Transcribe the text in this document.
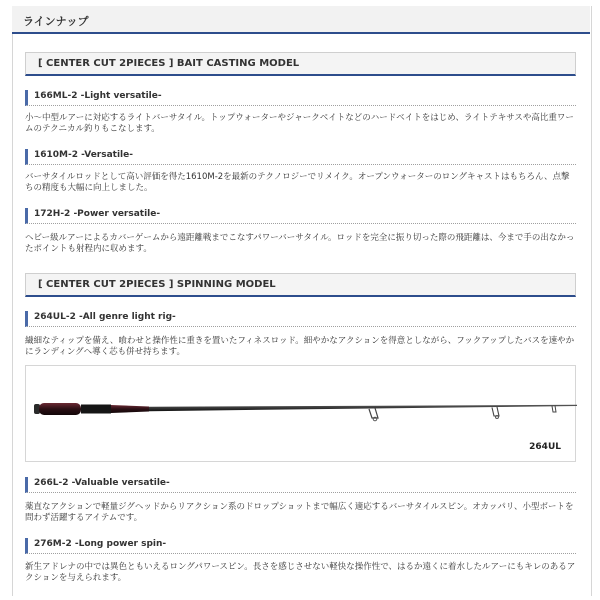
ラインナップ
[ CENTER CUT 2PIECES ] BAIT CASTING MODEL
166ML-2 -Light versatile-

小～中型ルアーに対応するライトバーサタイル。トップウォーターやジャークベイトなどのハードベイトをはじめ、ライトテキサスや高比重ワームのテクニカル釣りもこなします。

1610M-2 -Versatile-

バーサタイルロッドとして高い評価を得た1610M-2を最新のテクノロジーでリメイク。オープンウォーターのロングキャストはもちろん、点撃ちの精度も大幅に向上しました。

172H-2 -Power versatile-

ヘビー級ルアーによるカバーゲームから遠距離戦までこなすパワーバーサタイル。ロッドを完全に振り切った際の飛距離は、今まで手の出なかったポイントも射程内に収めます。

[ CENTER CUT 2PIECES ] SPINNING MODEL
264UL-2 -All genre light rig-

繊細なティップを備え、喰わせと操作性に重きを置いたフィネスロッド。細やかなアクションを得意としながら、フックアップしたバスを速やかにランディングへ導く芯も併せ持ちます。

264UL
266L-2 -Valuable versatile-

薬直なアクションで軽量ジグヘッドからリアクション系のドロップショットまで幅広く適応するバーサタイルスピン。オカッパリ、小型ボートを問わず活躍するアイテムです。

276M-2 -Long power spin-

新生アドレナの中では異色ともいえるロングパワースピン。長さを感じさせない軽快な操作性で、はるか遠くに着水したルアーにもキレのあるアクションを与えられます。
